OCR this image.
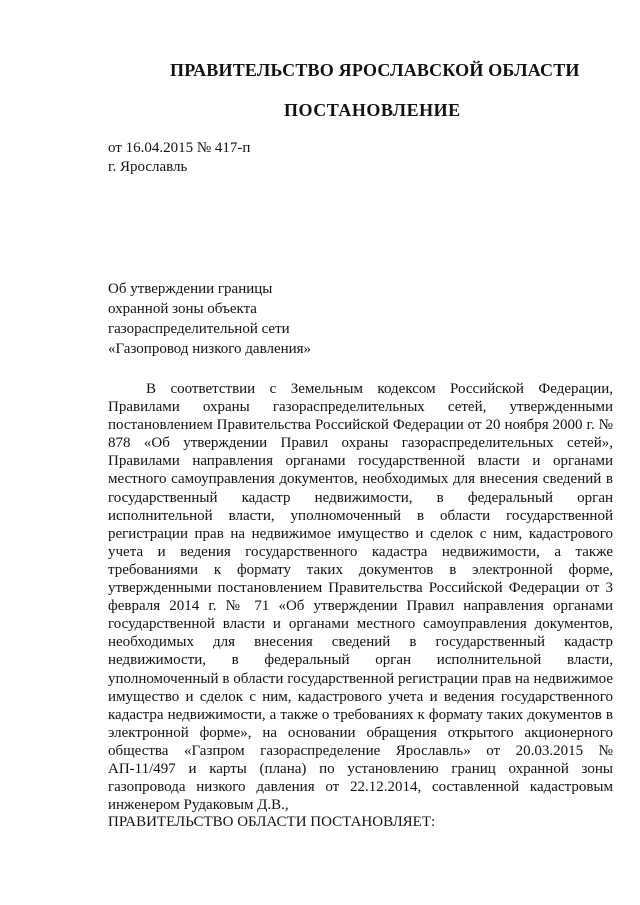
ПРАВИТЕЛЬСТВО ЯРОСЛАВСКОЙ ОБЛАСТИ
ПОСТАНОВЛЕНИЕ
от 16.04.2015 № 417-п
г. Ярославль
Об утверждении границы
охранной зоны объекта
газораспределительной сети
«Газопровод низкого давления»

В соответствии с Земельным кодексом Российской Федерации, Правилами охраны газораспределительных сетей, утвержденными постановлением Правительства Российской Федерации от 20 ноября 2000 г. № 878 «Об утверждении Правил охраны газораспределительных сетей», Правилами направления органами государственной власти и органами местного самоуправления документов, необходимых для внесения сведений в государственный кадастр недвижимости, в федеральный орган исполнительной власти, уполномоченный в области государственной регистрации прав на недвижимое имущество и сделок с ним, кадастрового учета и ведения государственного кадастра недвижимости, а также требованиями к формату таких документов в электронной форме, утвержденными постановлением Правительства Российской Федерации от 3 февраля 2014 г. № 71 «Об утверждении Правил направления органами государственной власти и органами местного самоуправления документов, необходимых для внесения сведений в государственный кадастр недвижимости, в федеральный орган исполнительной власти, уполномоченный в области государственной регистрации прав на недвижимое имущество и сделок с ним, кадастрового учета и ведения государственного кадастра недвижимости, а также о требованиях к формату таких документов в электронной форме», на основании обращения открытого акционерного общества «Газпром газораспределение Ярославль» от 20.03.2015 № АП-11/497 и карты (плана) по установлению границ охранной зоны газопровода низкого давления от 22.12.2014, составленной кадастровым инженером Рудаковым Д.В.,

ПРАВИТЕЛЬСТВО ОБЛАСТИ ПОСТАНОВЛЯЕТ:
